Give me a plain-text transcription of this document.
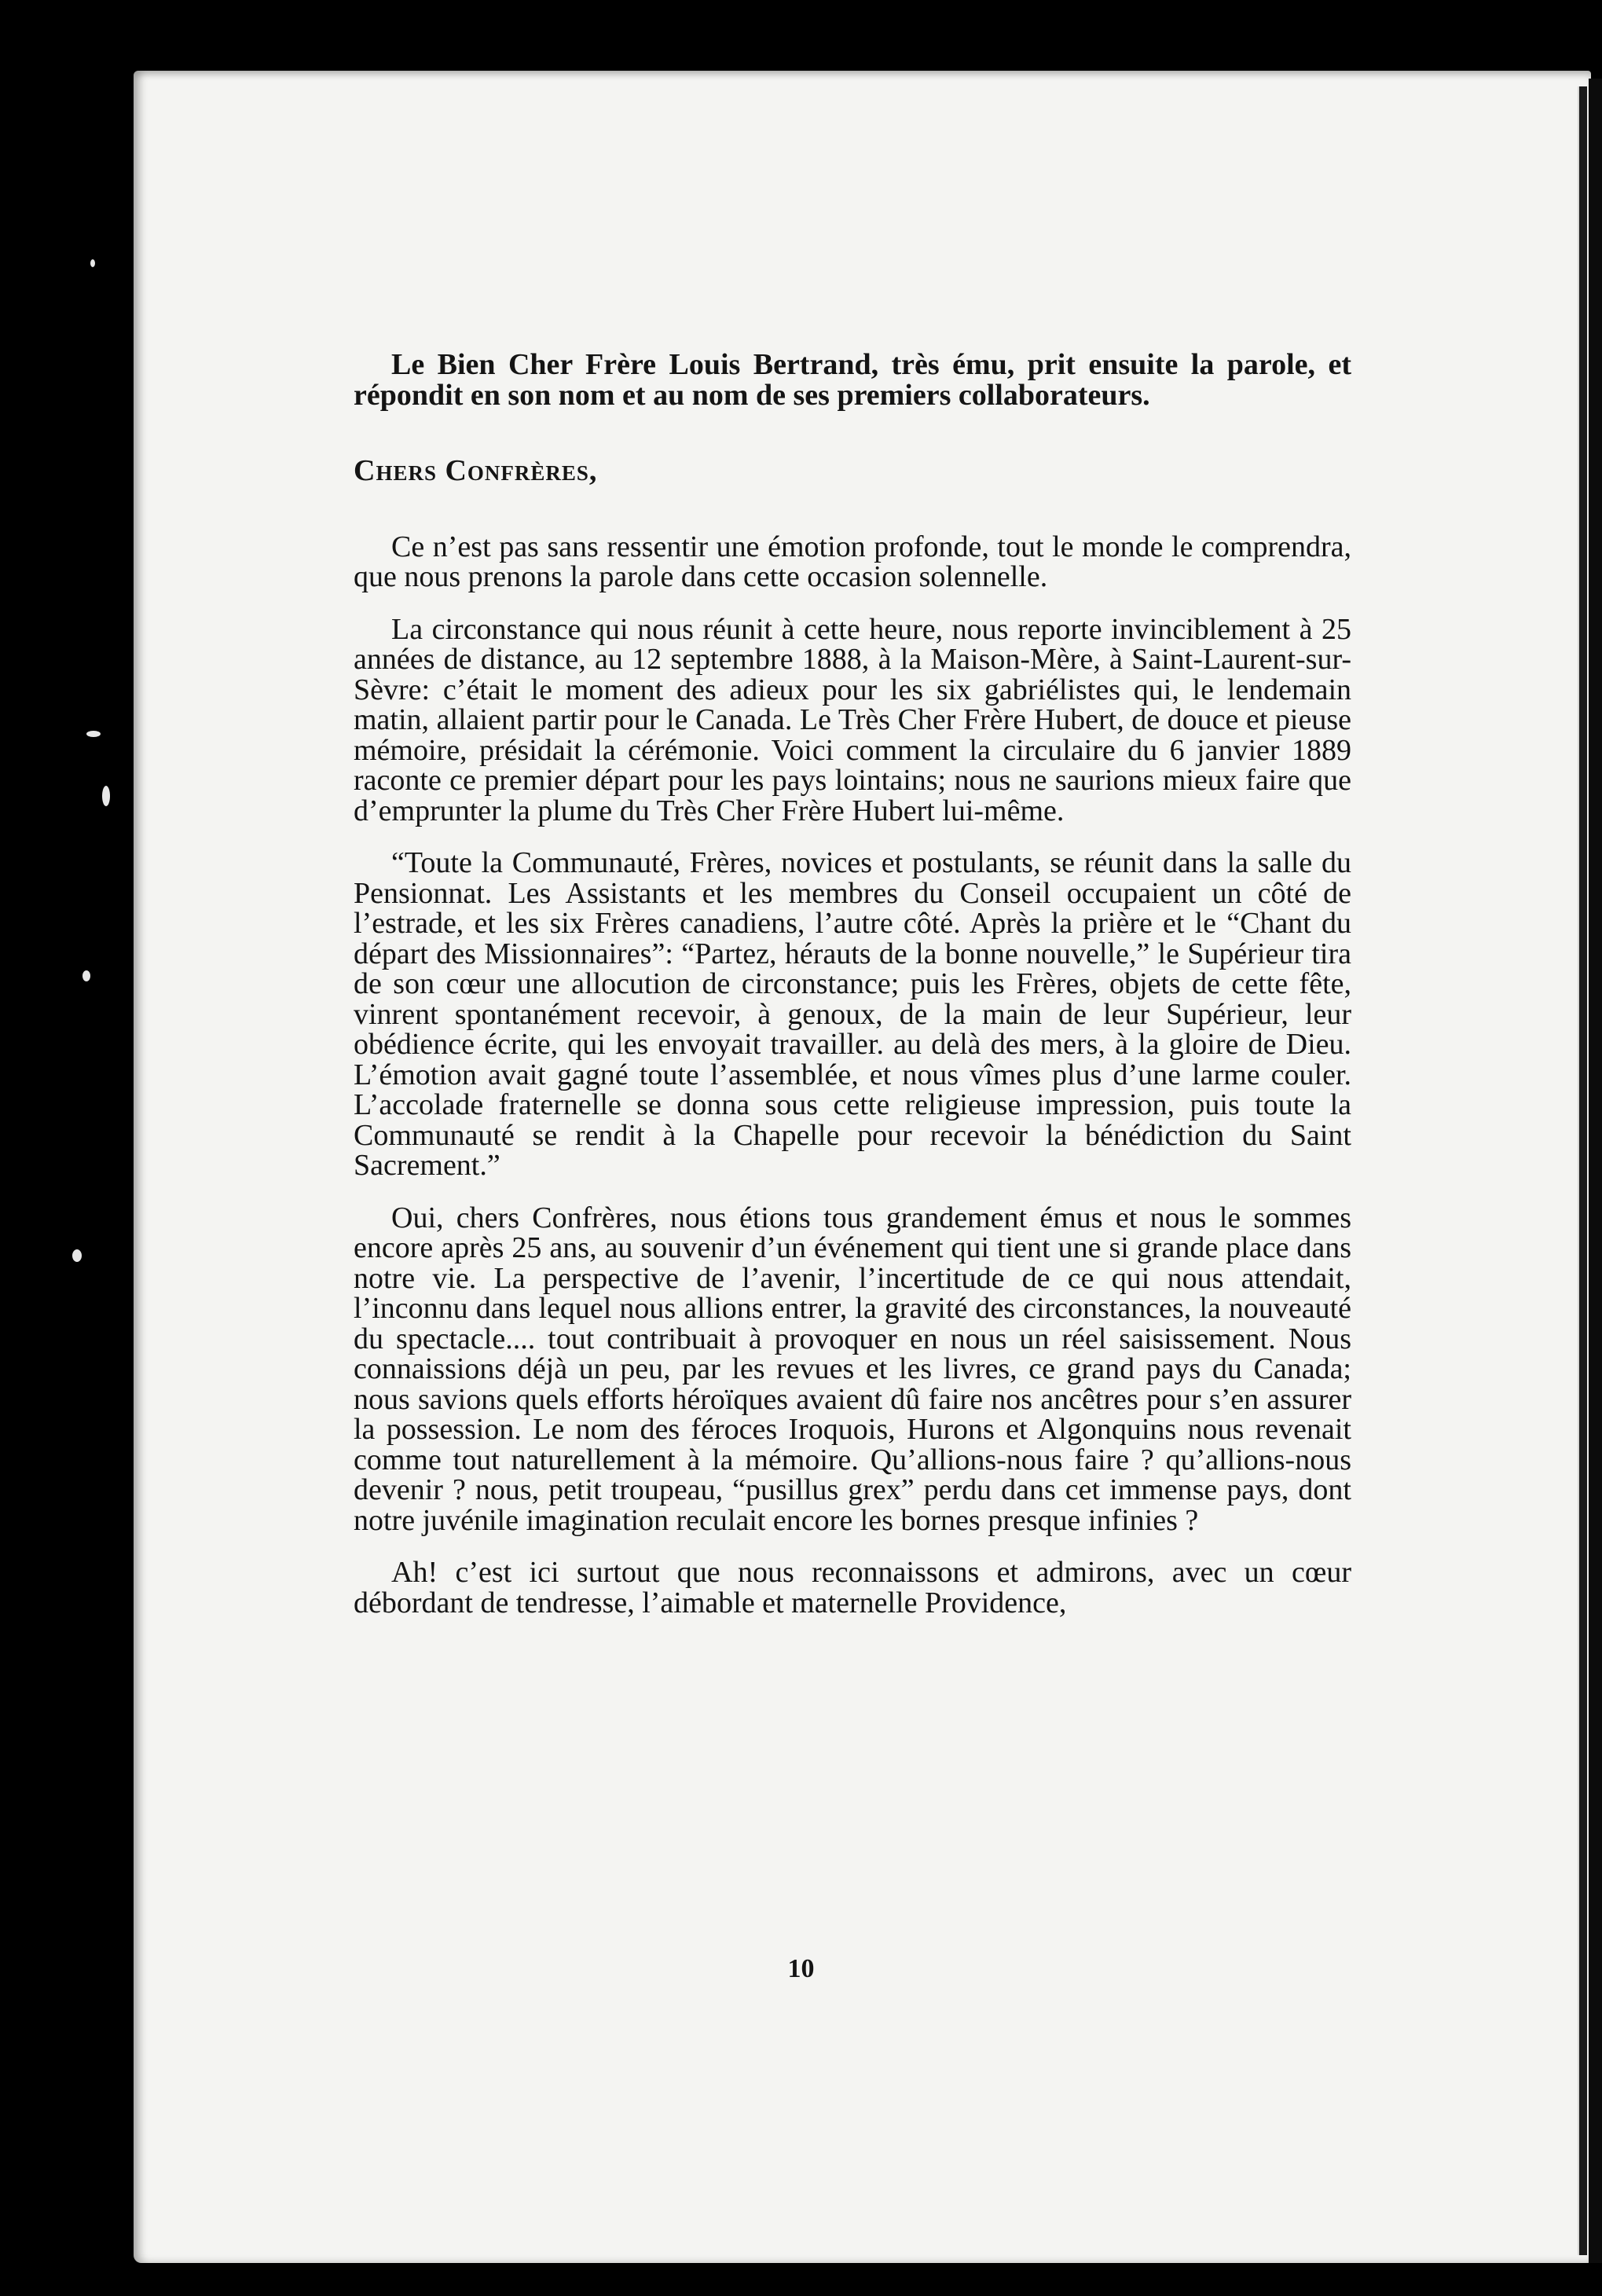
Le Bien Cher Frère Louis Bertrand, très ému, prit ensuite la parole, et répondit en son nom et au nom de ses premiers collaborateurs.

Chers Confrères,

Ce n’est pas sans ressentir une émotion profonde, tout le monde le comprendra, que nous prenons la parole dans cette occasion solennelle.

La circonstance qui nous réunit à cette heure, nous reporte invinciblement à 25 années de distance, au 12 septembre 1888, à la Maison-Mère, à Saint-Laurent-sur-Sèvre: c’était le moment des adieux pour les six gabriélistes qui, le lendemain matin, allaient partir pour le Canada. Le Très Cher Frère Hubert, de douce et pieuse mémoire, présidait la cérémonie. Voici comment la circulaire du 6 janvier 1889 raconte ce premier départ pour les pays lointains; nous ne saurions mieux faire que d’emprunter la plume du Très Cher Frère Hubert lui-même.

“Toute la Communauté, Frères, novices et postulants, se réunit dans la salle du Pensionnat. Les Assistants et les membres du Conseil occupaient un côté de l’estrade, et les six Frères canadiens, l’autre côté. Après la prière et le “Chant du départ des Missionnaires”: “Partez, hérauts de la bonne nouvelle,” le Supérieur tira de son cœur une allocution de circonstance; puis les Frères, objets de cette fête, vinrent spontanément recevoir, à genoux, de la main de leur Supérieur, leur obédience écrite, qui les envoyait travailler. au delà des mers, à la gloire de Dieu. L’émotion avait gagné toute l’assemblée, et nous vîmes plus d’une larme couler. L’accolade fraternelle se donna sous cette religieuse impression, puis toute la Communauté se rendit à la Chapelle pour recevoir la bénédiction du Saint Sacrement.”

Oui, chers Confrères, nous étions tous grandement émus et nous le sommes encore après 25 ans, au souvenir d’un événement qui tient une si grande place dans notre vie. La perspective de l’avenir, l’incertitude de ce qui nous attendait, l’inconnu dans lequel nous allions entrer, la gravité des circonstances, la nouveauté du spectacle.... tout contribuait à provoquer en nous un réel saisissement. Nous connaissions déjà un peu, par les revues et les livres, ce grand pays du Canada; nous savions quels efforts héroïques avaient dû faire nos ancêtres pour s’en assurer la possession. Le nom des féroces Iroquois, Hurons et Algonquins nous revenait comme tout naturellement à la mémoire. Qu’allions-nous faire ? qu’allions-nous devenir ? nous, petit troupeau, “pusillus grex” perdu dans cet immense pays, dont notre juvénile imagination reculait encore les bornes presque infinies ?

Ah! c’est ici surtout que nous reconnaissons et admirons, avec un cœur débordant de tendresse, l’aimable et maternelle Providence,

10
